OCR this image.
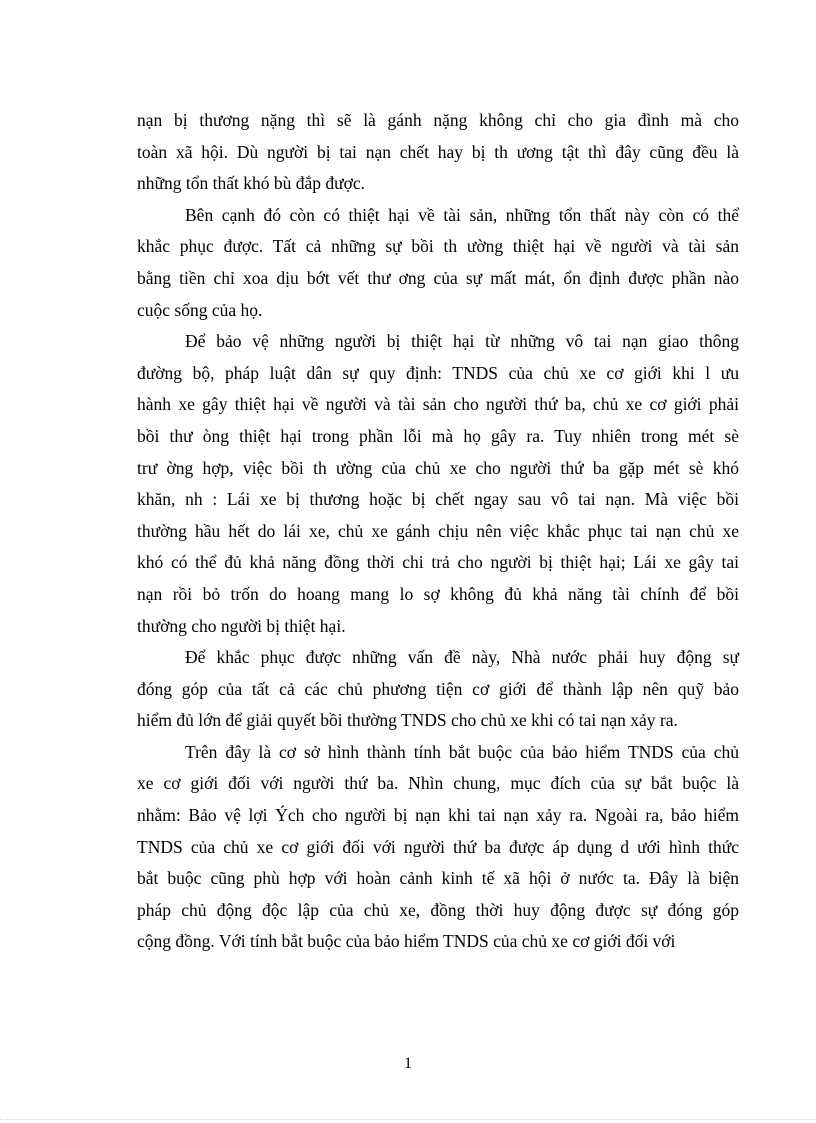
nạn bị thương nặng thì sẽ là gánh nặng không chỉ cho gia đình mà cho
toàn xã hội. Dù người bị tai nạn chết hay bị th ương tật thì đây cũng đều là
những tổn thất khó bù đắp được.

Bên cạnh đó còn có thiệt hại về tài sản, những tổn thất này còn có thể
khắc phục được. Tất cả những sự bồi th ường thiệt hại về người và tài sản
bằng tiền chỉ xoa dịu bớt vết thư ơng của sự mất mát, ổn định được phần nào
cuộc sống của họ.

Để bảo vệ những người bị thiệt hại từ những vô tai nạn giao thông
đường bộ, pháp luật dân sự quy định: TNDS của chủ xe cơ giới khi l ưu
hành xe gây thiệt hại về người và tài sản cho người thứ ba, chủ xe cơ giới phải
bồi thư òng thiệt hại trong phần lỗi mà họ gây ra. Tuy nhiên trong mét sè
trư ờng hợp, việc bồi th ường của chủ xe cho người thứ ba gặp mét sè khó
khăn, nh : Lái xe bị thương hoặc bị chết ngay sau vô tai nạn. Mà việc bồi
thường hầu hết do lái xe, chủ xe gánh chịu nên việc khắc phục tai nạn chủ xe
khó có thể đủ khả năng đồng thời chi trả cho người bị thiệt hại; Lái xe gây tai
nạn rồi bỏ trốn do hoang mang lo sợ không đủ khả năng tài chính để bồi
thường cho người bị thiệt hại.

Để khắc phục được những vấn đề này, Nhà nước phải huy động sự
đóng góp của tất cả các chủ phương tiện cơ giới để thành lập nên quỹ bảo
hiểm đủ lớn để giải quyết bồi thường TNDS cho chủ xe khi có tai nạn xảy ra.

Trên đây là cơ sở hình thành tính bắt buộc của bảo hiểm TNDS của chủ
xe cơ giới đối với người thứ ba. Nhìn chung, mục đích của sự bắt buộc là
nhằm: Bảo vệ lợi Ých cho người bị nạn khi tai nạn xảy ra. Ngoài ra, bảo hiểm
TNDS của chủ xe cơ giới đối với người thứ ba được áp dụng d ưới hình thức
bắt buộc cũng phù hợp với hoàn cảnh kinh tế xã hội ở nước ta. Đây là biện
pháp chủ động độc lập của chủ xe, đồng thời huy động được sự đóng góp
cộng đồng. Với tính bắt buộc của bảo hiểm TNDS của chủ xe cơ giới đối với

1
